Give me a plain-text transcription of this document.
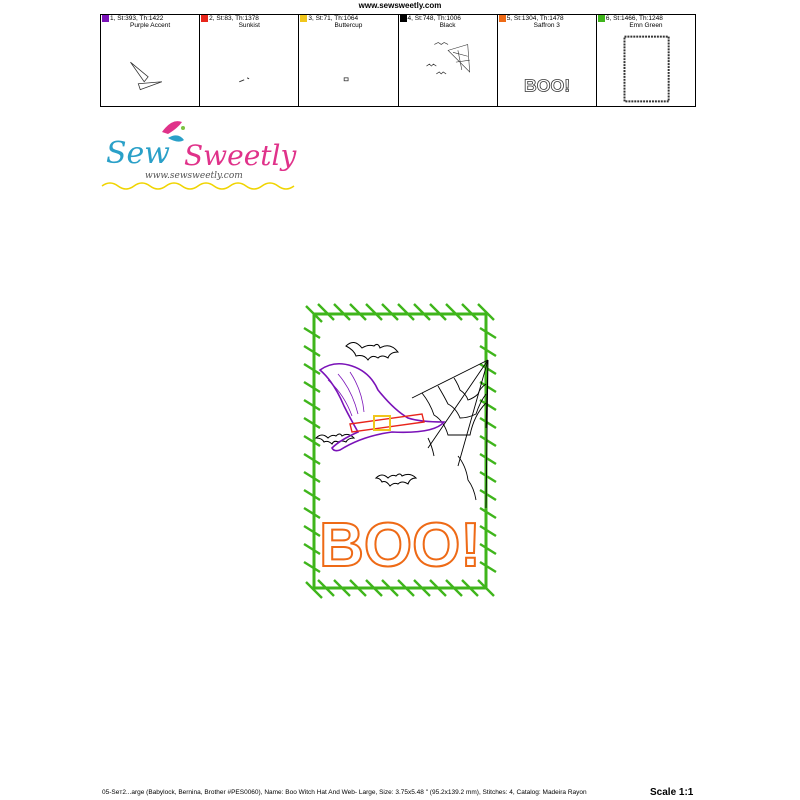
www.sewsweetly.com
1, St:393, Th:1422
Purple Accent
2, St:83, Th:1378
Sunkist
3, St:71, Th:1064
Buttercup
4, St:748, Th:1006
Black
5, St:1304, Th:1478
Saffron 3
BOO!
6, St:1466, Th:1248
Emn Green
Sew Sweetly
www.sewsweetly.com
BOO!
05-Seт2...arge (Babylock, Bernina, Brother #PES0060), Name: Boo Witch Hat And Web- Large, Size: 3.75x5.48 " (95.2x139.2 mm), Stitches: 4, Catalog: Madeira Rayon	Scale 1:1
